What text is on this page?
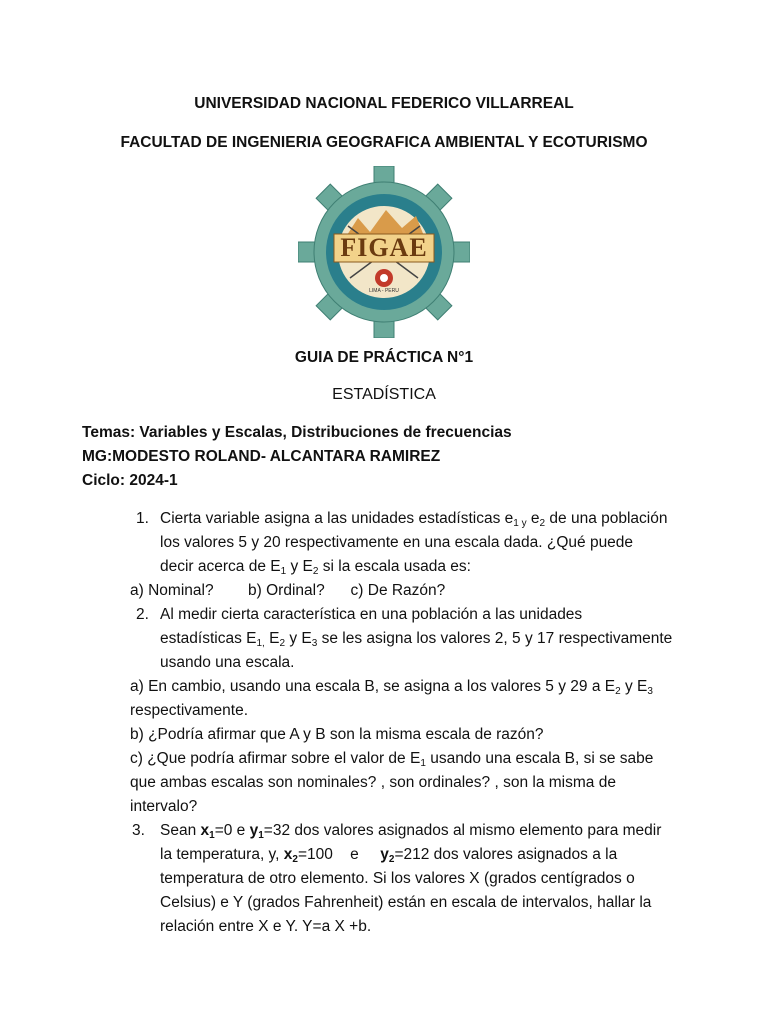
UNIVERSIDAD NACIONAL FEDERICO VILLARREAL
FACULTAD DE INGENIERIA GEOGRAFICA AMBIENTAL Y ECOTURISMO
FIGAE
LIMA - PERU
GUIA DE PRÁCTICA N°1
ESTADÍSTICA
Temas: Variables y Escalas, Distribuciones de frecuencias
MG:MODESTO ROLAND- ALCANTARA RAMIREZ
Ciclo: 2024-1
1. Cierta variable asigna a las unidades estadísticas $e_{1 y}$ $e_2$ de una población
los valores 5 y 20 respectivamente en una escala dada. ¿Qué puede
decir acerca de $E_1$ y $E_2$ si la escala usada es:
a) Nominal?        b) Ordinal?      c) De Razón?
2. Al medir cierta característica en una población a las unidades
estadísticas $E_{1,}$ $E_2$ y $E_3$ se les asigna los valores 2, 5 y 17 respectivamente
usando una escala.
a) En cambio, usando una escala B, se asigna a los valores 5 y 29 a $E_2$ y $E_3$
respectivamente.
b) ¿Podría afirmar que A y B son la misma escala de razón?
c) ¿Que podría afirmar sobre el valor de $E_1$ usando una escala B, si se sabe
que ambas escalas son nominales? , son ordinales? , son la misma de
intervalo?
3. Sean $x_1=0$ e $y_1=32$ dos valores asignados al mismo elemento para medir
la temperatura, y, $x_2=100$    e     $y_2=212$ dos valores asignados a la
temperatura de otro elemento. Si los valores X (grados centígrados o
Celsius) e Y (grados Fahrenheit) están en escala de intervalos, hallar la
relación entre X e Y. Y=a X +b.
